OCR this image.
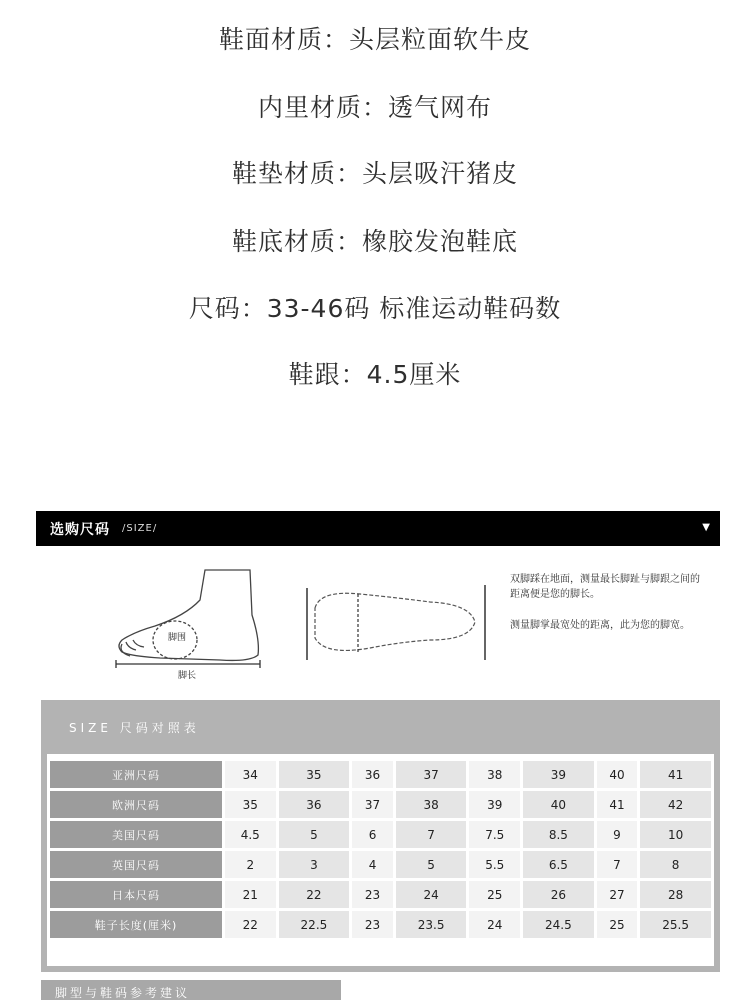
鞋面材质：头层粒面软牛皮
内里材质：透气网布
鞋垫材质：头层吸汗猪皮
鞋底材质：橡胶发泡鞋底
尺码：33-46码 标准运动鞋码数
鞋跟：4.5厘米
选购尺码 /SIZE/	▼
脚围
脚长
双脚踩在地面，测量最长脚趾与脚跟之间的距离便是您的脚长。
测量脚掌最宽处的距离，此为您的脚宽。
SIZE 尺码对照表
亚洲尺码	34	35	36	37	38	39	40	41
欧洲尺码	35	36	37	38	39	40	41	42
美国尺码	4.5	5	6	7	7.5	8.5	9	10
英国尺码	2	3	4	5	5.5	6.5	7	8
日本尺码	21	22	23	24	25	26	27	28
鞋子长度(厘米)	22	22.5	23	23.5	24	24.5	25	25.5
脚型与鞋码参考建议
